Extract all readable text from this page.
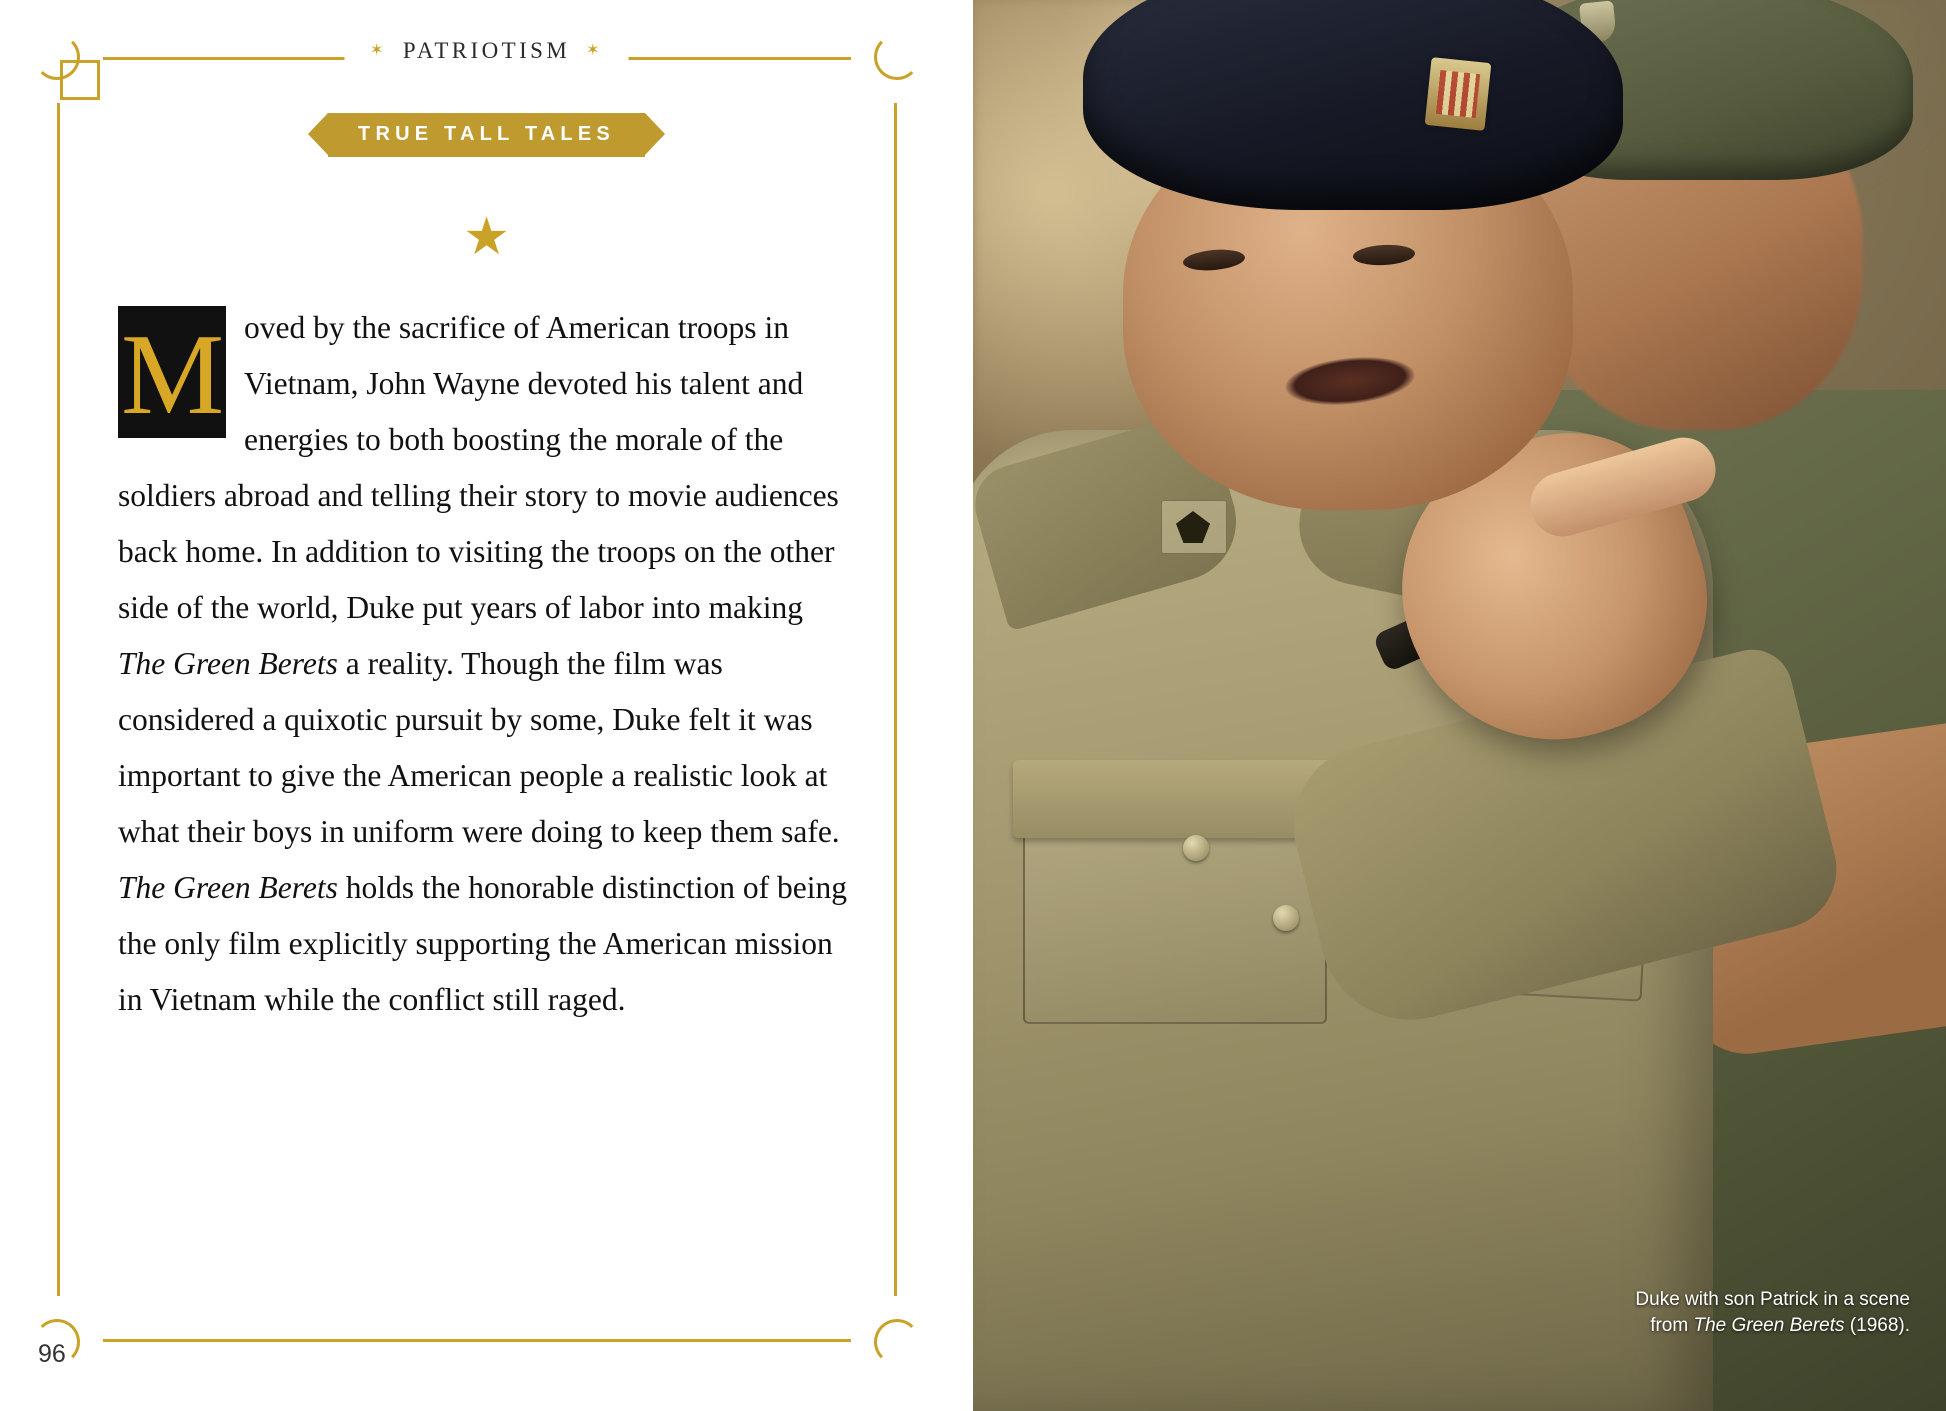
✶ PATRIOTISM ✶
TRUE TALL TALES
★
M oved by the sacrifice of American troops in Vietnam, John Wayne devoted his talent and energies to both boosting the morale of the soldiers abroad and telling their story to movie audiences back home. In addition to visiting the troops on the other side of the world, Duke put years of labor into making The Green Berets a reality. Though the film was considered a quixotic pursuit by some, Duke felt it was important to give the American people a realistic look at what their boys in uniform were doing to keep them safe. The Green Berets holds the honorable distinction of being the only film explicitly supporting the American mission in Vietnam while the conflict still raged.
96
Duke with son Patrick in a scene from The Green Berets (1968).
